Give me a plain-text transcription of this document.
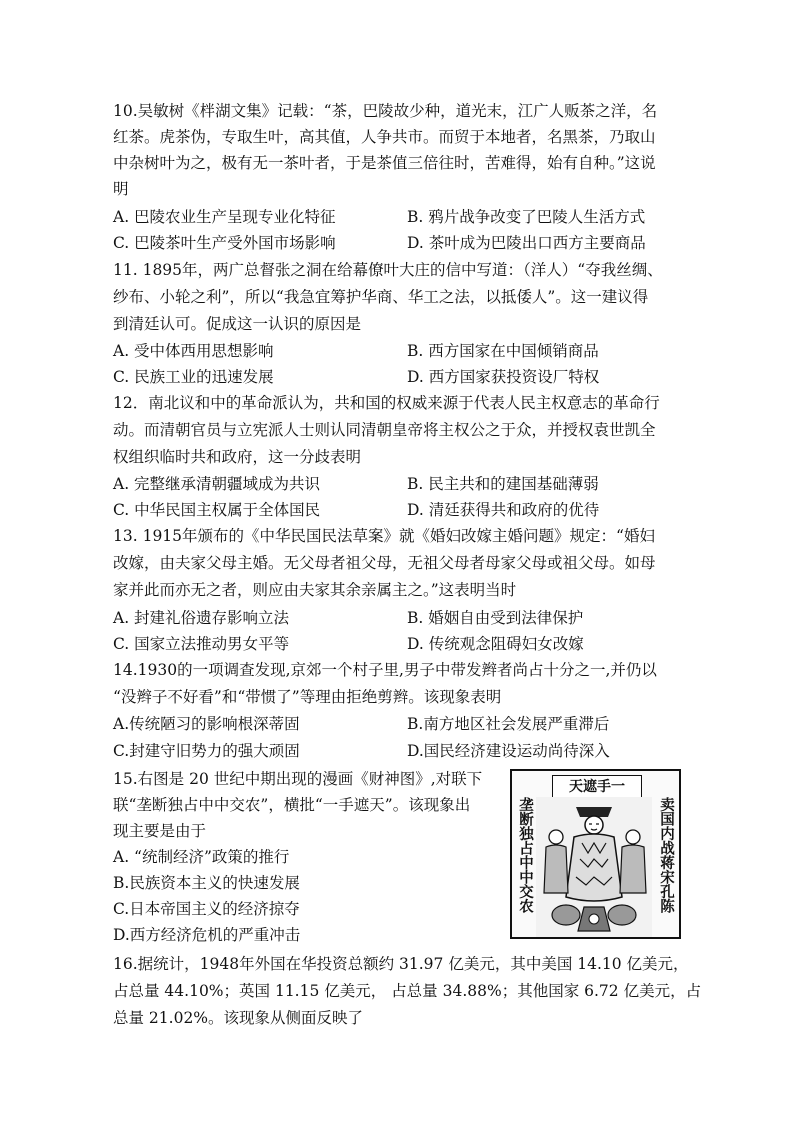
10.吴敏树《柈湖文集》记载：“茶，巴陵故少种，道光末，江广人贩茶之洋，名
红茶。虎茶伪，专取生叶，高其值，人争共市。而贸于本地者，名黑茶，乃取山
中杂树叶为之，极有无一茶叶者，于是茶值三倍往时，苦难得，始有自种。”这说
明
A. 巴陵农业生产呈现专业化特征	B. 鸦片战争改变了巴陵人生活方式
C. 巴陵茶叶生产受外国市场影响	D. 茶叶成为巴陵出口西方主要商品
11. 1895年，两广总督张之洞在给幕僚叶大庄的信中写道：（洋人）“夺我丝绸、
纱布、小轮之利”，所以“我急宜筹护华商、华工之法，以抵倭人”。这一建议得
到清廷认可。促成这一认识的原因是
A. 受中体西用思想影响	B. 西方国家在中国倾销商品
C. 民族工业的迅速发展	D. 西方国家获投资设厂特权
12．南北议和中的革命派认为，共和国的权威来源于代表人民主权意志的革命行
动。而清朝官员与立宪派人士则认同清朝皇帝将主权公之于众，并授权袁世凯全
权组织临时共和政府，这一分歧表明
A. 完整继承清朝疆域成为共识	B. 民主共和的建国基础薄弱
C. 中华民国主权属于全体国民	D. 清廷获得共和政府的优待
13. 1915年颁布的《中华民国民法草案》就《婚妇改嫁主婚问题》规定：“婚妇
改嫁，由夫家父母主婚。无父母者祖父母，无祖父母者母家父母或祖父母。如母
家并此而亦无之者，则应由夫家其余亲属主之。”这表明当时
A. 封建礼俗遗存影响立法	B. 婚姻自由受到法律保护
C. 国家立法推动男女平等	D. 传统观念阻碍妇女改嫁
14.1930的一项调查发现,京郊一个村子里,男子中带发辫者尚占十分之一,并仍以
“没辫子不好看”和“带惯了”等理由拒绝剪辫。该现象表明
A.传统陋习的影响根深蒂固	B.南方地区社会发展严重滞后
C.封建守旧势力的强大顽固	D.国民经济建设运动尚待深入
15.右图是 20 世纪中期出现的漫画《财神图》,对联下
联“垄断独占中中交农”，横批“一手遮天”。该现象出
现主要是由于
A. “统制经济”政策的推行
B.民族资本主义的快速发展
C.日本帝国主义的经济掠夺
D.西方经济危机的严重冲击
天遮手一
垄断独占中中交农	卖国内战蒋宋孔陈
16.据统计，1948年外国在华投资总额约 31.97 亿美元，其中美国 14.10 亿美元，
占总量 44.10%；英国 11.15 亿美元， 占总量 34.88%；其他国家 6.72 亿美元，占
总量 21.02%。该现象从侧面反映了
